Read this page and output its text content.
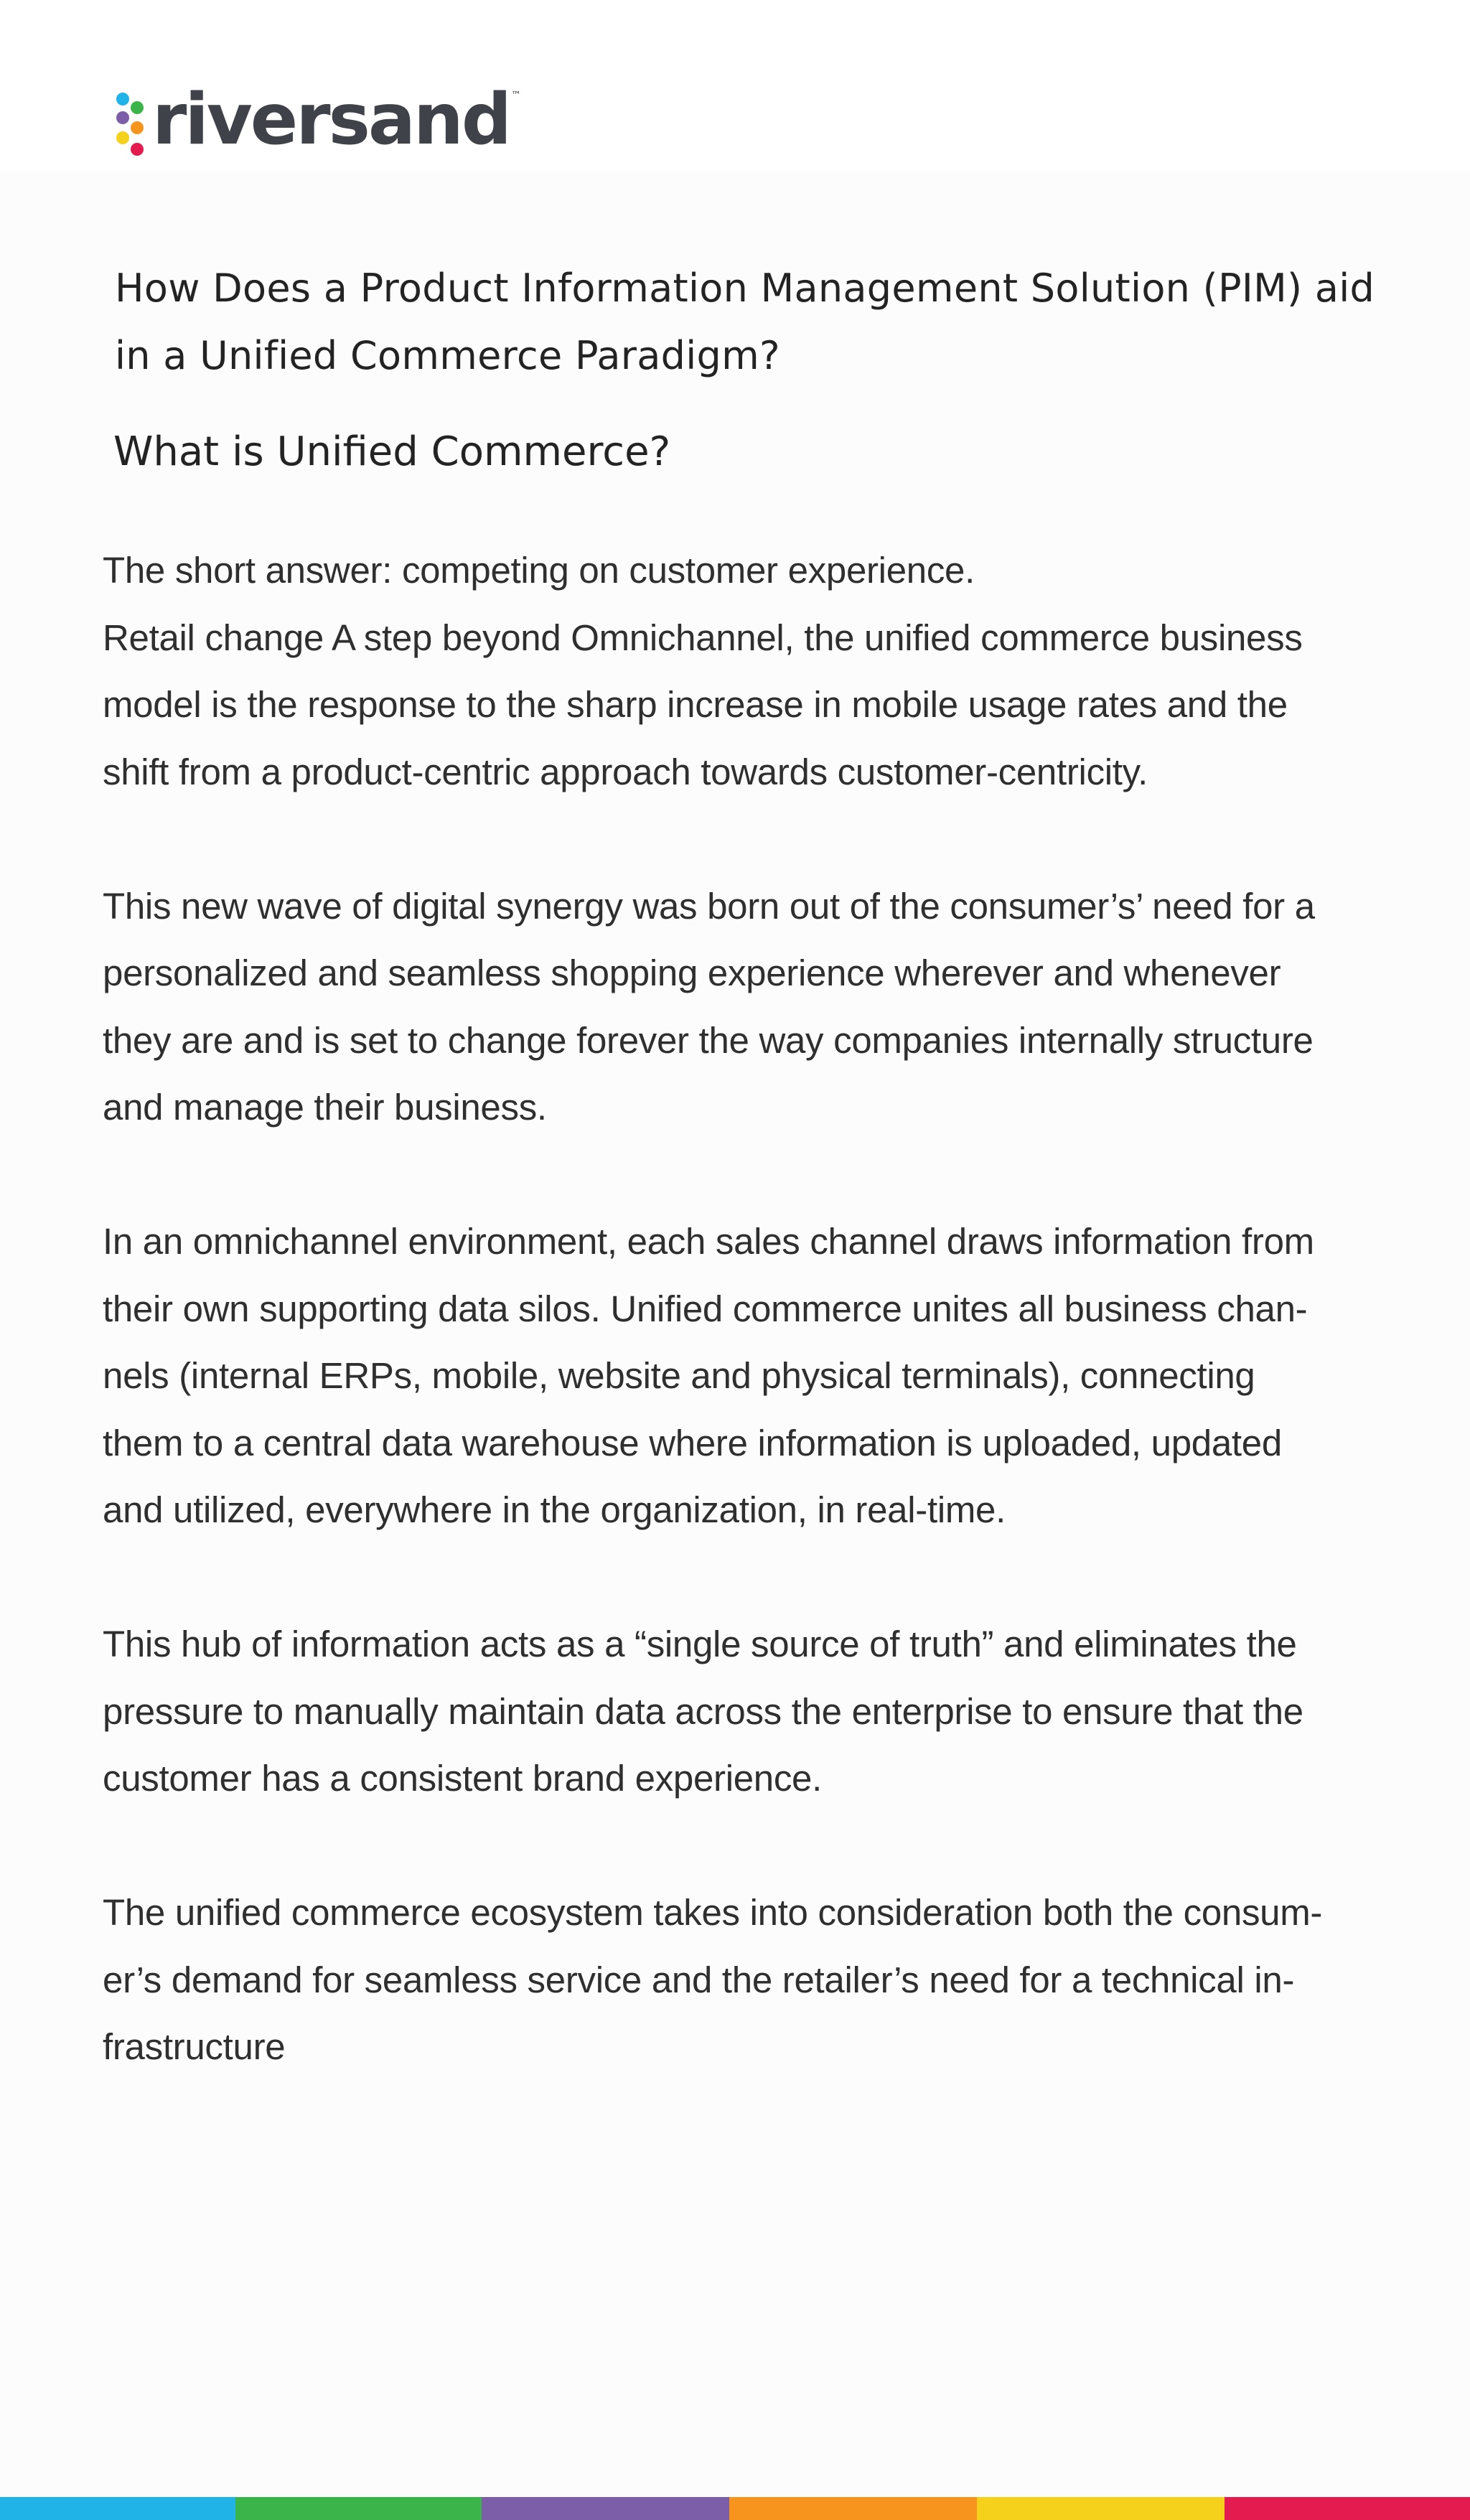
riversand ™
How Does a Product Information Management Solution (PIM) aid in a Unified Commerce Paradigm?
What is Unified Commerce?
The short answer: competing on customer experience.
Retail change A step beyond Omnichannel, the unified commerce business
model is the response to the sharp increase in mobile usage rates and the
shift from a product-centric approach towards customer-centricity.

This new wave of digital synergy was born out of the consumer’s’ need for a
personalized and seamless shopping experience wherever and whenever
they are and is set to change forever the way companies internally structure
and manage their business.

In an omnichannel environment, each sales channel draws information from
their own supporting data silos. Unified commerce unites all business chan-
nels (internal ERPs, mobile, website and physical terminals), connecting
them to a central data warehouse where information is uploaded, updated
and utilized, everywhere in the organization, in real-time.

This hub of information acts as a “single source of truth” and eliminates the
pressure to manually maintain data across the enterprise to ensure that the
customer has a consistent brand experience.

The unified commerce ecosystem takes into consideration both the consum-
er’s demand for seamless service and the retailer’s need for a technical in-
frastructure
